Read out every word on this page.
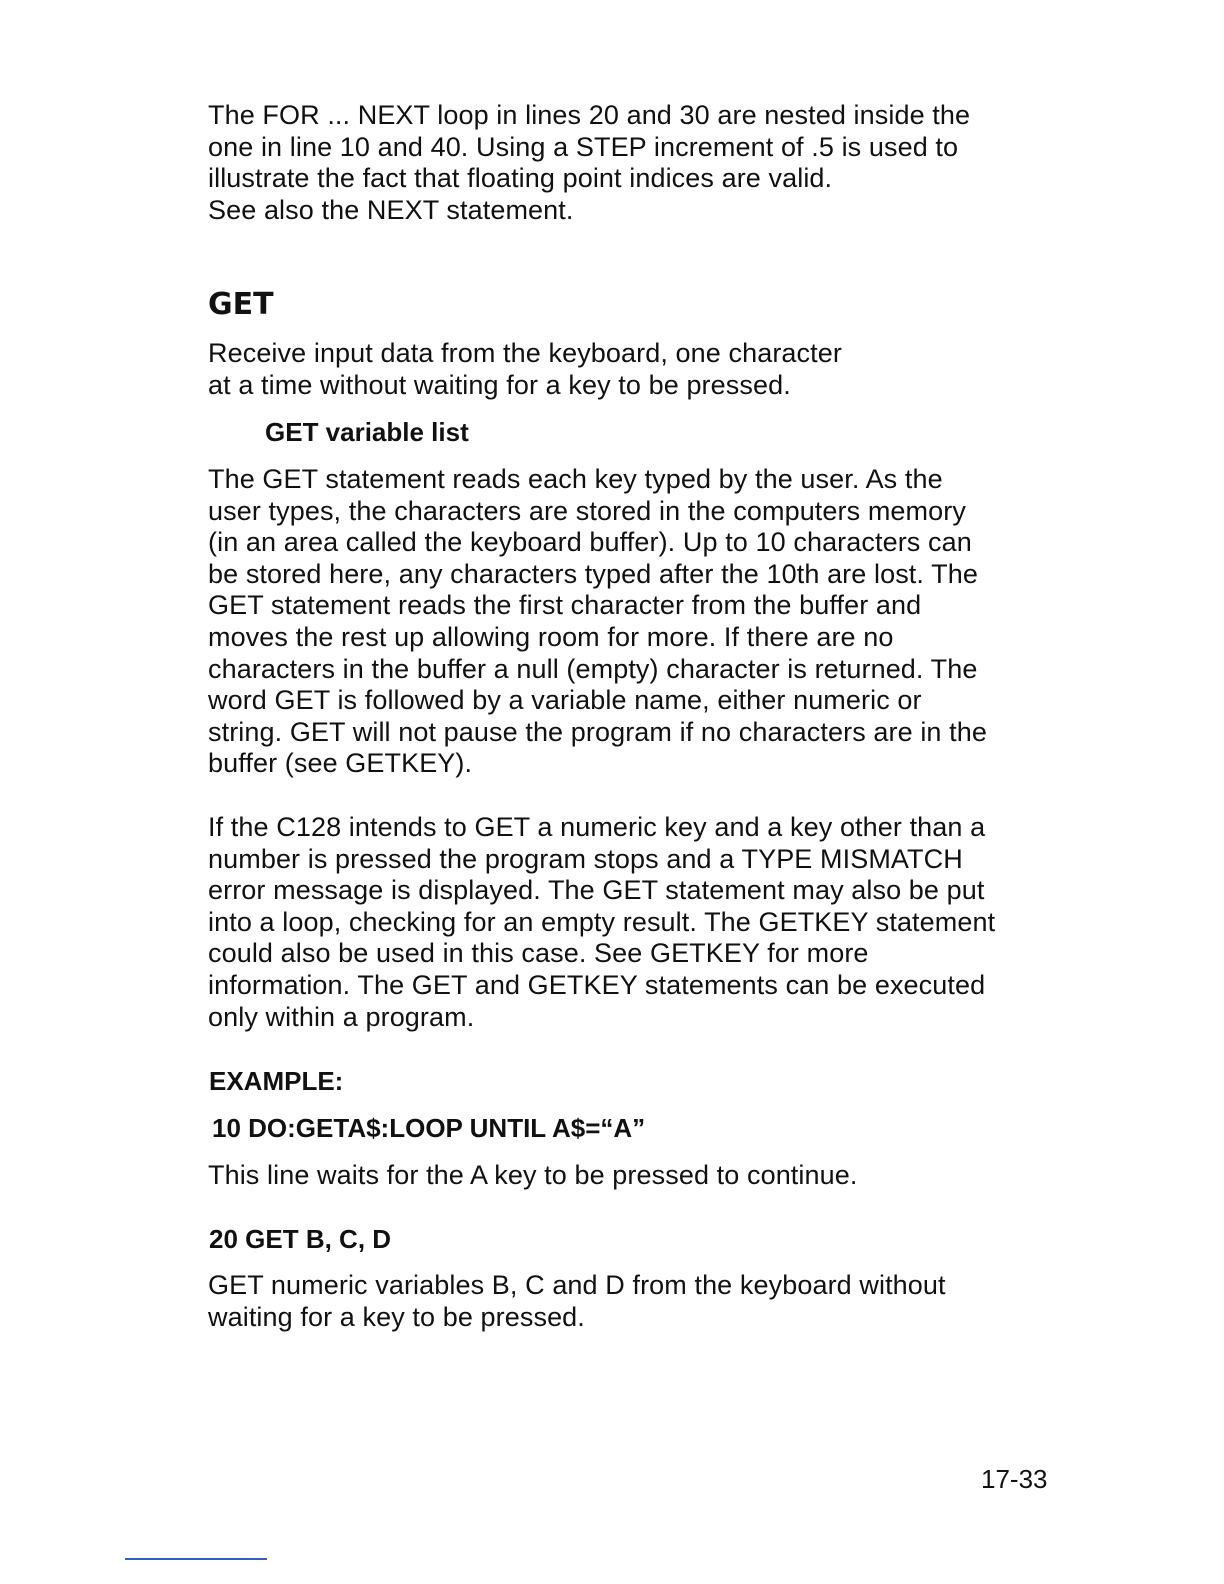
The FOR ... NEXT loop in lines 20 and 30 are nested inside the
one in line 10 and 40. Using a STEP increment of .5 is used to
illustrate the fact that floating point indices are valid.
See also the NEXT statement.
GET
Receive input data from the keyboard, one character
at a time without waiting for a key to be pressed.
GET variable list
The GET statement reads each key typed by the user. As the
user types, the characters are stored in the computers memory
(in an area called the keyboard buffer). Up to 10 characters can
be stored here, any characters typed after the 10th are lost. The
GET statement reads the first character from the buffer and
moves the rest up allowing room for more. If there are no
characters in the buffer a null (empty) character is returned. The
word GET is followed by a variable name, either numeric or
string. GET will not pause the program if no characters are in the
buffer (see GETKEY).
If the C128 intends to GET a numeric key and a key other than a
number is pressed the program stops and a TYPE MISMATCH
error message is displayed. The GET statement may also be put
into a loop, checking for an empty result. The GETKEY statement
could also be used in this case. See GETKEY for more
information. The GET and GETKEY statements can be executed
only within a program.
EXAMPLE:
10 DO:GETA$:LOOP UNTIL A$=“A”
This line waits for the A key to be pressed to continue.
20 GET B, C, D
GET numeric variables B, C and D from the keyboard without
waiting for a key to be pressed.
17-33
